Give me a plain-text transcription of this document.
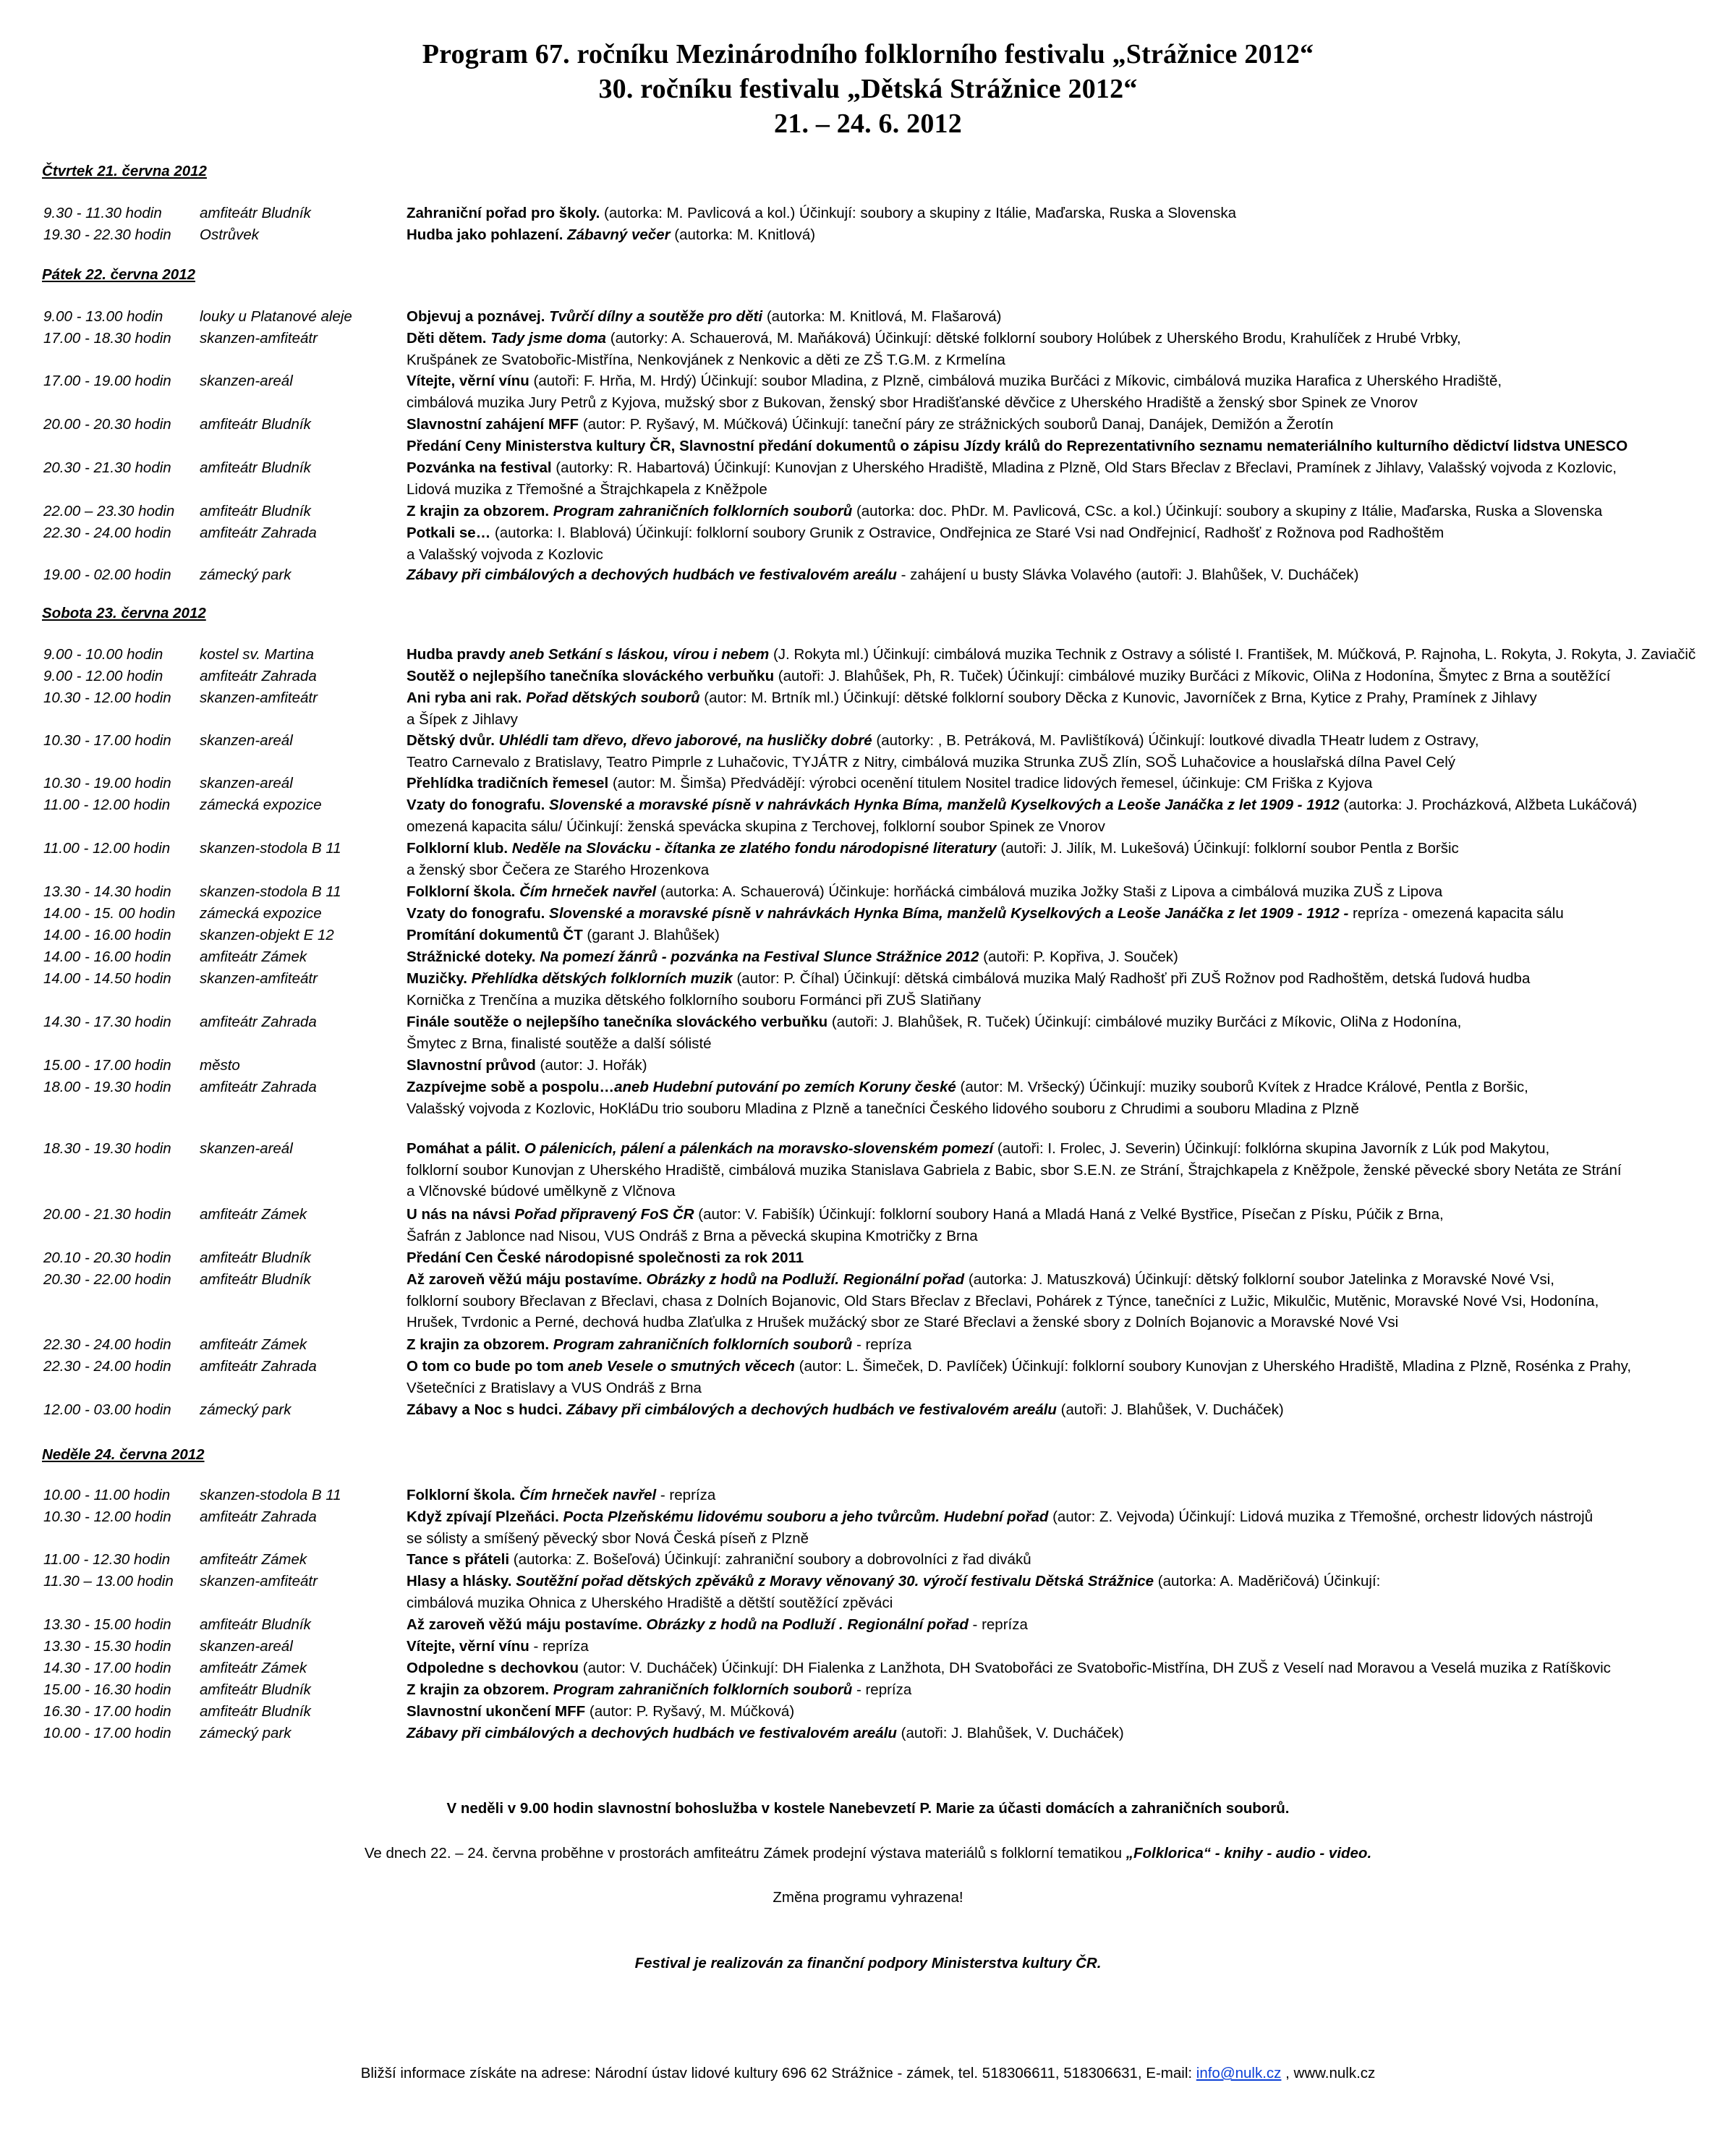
Program 67. ročníku Mezinárodního folklorního festivalu „Strážnice 2012“
30. ročníku festivalu „Dětská Strážnice 2012“
21. – 24. 6. 2012
Čtvrtek 21. června 2012
9.30 - 11.30 hodin	amfiteátr Bludník	Zahraniční pořad pro školy. (autorka: M. Pavlicová a kol.) Účinkují: soubory a skupiny z Itálie, Maďarska, Ruska a Slovenska
19.30 - 22.30 hodin Ostrůvek	Hudba jako pohlazení. Zábavný večer (autorka: M. Knitlová)
Pátek 22. června 2012
9.00 - 13.00 hodin louky u Platanové aleje	Objevuj a poznávej. Tvůrčí dílny a soutěže pro děti (autorka: M. Knitlová, M. Flašarová)
17.00 - 18.30 hodin skanzen-amfiteátr	Děti dětem. Tady jsme doma (autorky: A. Schauerová, M. Maňáková) Účinkují: dětské folklorní soubory Holúbek z Uherského Brodu, Krahulíček z Hrubé Vrbky,
Krušpánek ze Svatobořic-Mistřína, Nenkovjánek z Nenkovic a děti ze ZŠ T.G.M. z Krmelína
17.00 - 19.00 hodin skanzen-areál	Vítejte, věrní vínu (autoři: F. Hrňa, M. Hrdý) Účinkují: soubor Mladina, z Plzně, cimbálová muzika Burčáci z Míkovic, cimbálová muzika Harafica z Uherského Hradiště,
cimbálová muzika Jury Petrů z Kyjova, mužský sbor z Bukovan, ženský sbor Hradišťanské děvčice z Uherského Hradiště a ženský sbor Spinek ze Vnorov
20.00 - 20.30 hodin amfiteátr Bludník	Slavnostní zahájení MFF (autor: P. Ryšavý, M. Múčková) Účinkují: taneční páry ze strážnických souborů Danaj, Danájek, Demižón a Žerotín
Předání Ceny Ministerstva kultury ČR, Slavnostní předání dokumentů o zápisu Jízdy králů do Reprezentativního seznamu nemateriálního kulturního dědictví lidstva UNESCO
20.30 - 21.30 hodin amfiteátr Bludník	Pozvánka na festival (autorky: R. Habartová) Účinkují: Kunovjan z Uherského Hradiště, Mladina z Plzně, Old Stars Břeclav z Břeclavi, Pramínek z Jihlavy, Valašský vojvoda z Kozlovic,
Lidová muzika z Třemošné a Štrajchkapela z Kněžpole
22.00 – 23.30 hodin amfiteátr Bludník	Z krajin za obzorem. Program zahraničních folklorních souborů (autorka: doc. PhDr. M. Pavlicová, CSc. a kol.) Účinkují: soubory a skupiny z Itálie, Maďarska, Ruska a Slovenska
22.30 - 24.00 hodin amfiteátr Zahrada	Potkali se… (autorka: I. Blablová) Účinkují: folklorní soubory Grunik z Ostravice, Ondřejnica ze Staré Vsi nad Ondřejnicí, Radhošť z Rožnova pod Radhoštěm
a Valašský vojvoda z Kozlovic
19.00 - 02.00 hodin zámecký park	Zábavy při cimbálových a dechových hudbách ve festivalovém areálu - zahájení u busty Slávka Volavého (autoři: J. Blahůšek, V. Ducháček)
Sobota 23. června 2012
9.00 - 10.00 hodin kostel sv. Martina	Hudba pravdy aneb Setkání s láskou, vírou i nebem (J. Rokyta ml.) Účinkují: cimbálová muzika Technik z Ostravy a sólisté I. František, M. Múčková, P. Rajnoha, L. Rokyta, J. Rokyta, J. Zaviačič
9.00 - 12.00 hodin amfiteátr Zahrada	Soutěž o nejlepšího tanečníka slováckého verbuňku (autoři: J. Blahůšek, Ph, R. Tuček) Účinkují: cimbálové muziky Burčáci z Míkovic, OliNa z Hodonína, Šmytec z Brna a soutěžící
10.30 - 12.00 hodin skanzen-amfiteátr	Ani ryba ani rak. Pořad dětských souborů (autor: M. Brtník ml.) Účinkují: dětské folklorní soubory Děcka z Kunovic, Javorníček z Brna, Kytice z Prahy, Pramínek z Jihlavy
a Šípek z Jihlavy
10.30 - 17.00 hodin skanzen-areál	Dětský dvůr. Uhlédli tam dřevo, dřevo jaborové, na husličky dobré (autorky: , B. Petráková, M. Pavlištíková) Účinkují: loutkové divadla THeatr ludem z Ostravy,
Teatro Carnevalo z Bratislavy, Teatro Pimprle z Luhačovic, TYJÁTR z Nitry, cimbálová muzika Strunka ZUŠ Zlín, SOŠ Luhačovice a houslařská dílna Pavel Celý
10.30 - 19.00 hodin skanzen-areál	Přehlídka tradičních řemesel (autor: M. Šimša) Předvádějí: výrobci ocenění titulem Nositel tradice lidových řemesel, účinkuje: CM Friška z Kyjova
11.00 - 12.00 hodin zámecká expozice	Vzaty do fonografu. Slovenské a moravské písně v nahrávkách Hynka Bíma, manželů Kyselkových a Leoše Janáčka z let 1909 - 1912 (autorka: J. Procházková, Alžbeta Lukáčová)
omezená kapacita sálu/ Účinkují: ženská spevácka skupina z Terchovej, folklorní soubor Spinek ze Vnorov
11.00 - 12.00 hodin skanzen-stodola B 11	Folklorní klub. Neděle na Slovácku - čítanka ze zlatého fondu národopisné literatury (autoři: J. Jilík, M. Lukešová) Účinkují: folklorní soubor Pentla z Boršic
a ženský sbor Čečera ze Starého Hrozenkova
13.30 - 14.30 hodin skanzen-stodola B 11	Folklorní škola. Čím hrneček navřel (autorka: A. Schauerová) Účinkuje: horňácká cimbálová muzika Jožky Staši z Lipova a cimbálová muzika ZUŠ z Lipova
14.00 - 15. 00 hodin zámecká expozice	Vzaty do fonografu. Slovenské a moravské písně v nahrávkách Hynka Bíma, manželů Kyselkových a Leoše Janáčka z let 1909 - 1912 - repríza - omezená kapacita sálu
14.00 - 16.00 hodin skanzen-objekt E 12	Promítání dokumentů ČT (garant J. Blahůšek)
14.00 - 16.00 hodin amfiteátr Zámek	Strážnické doteky. Na pomezí žánrů - pozvánka na Festival Slunce Strážnice 2012 (autoři: P. Kopřiva, J. Souček)
14.00 - 14.50 hodin skanzen-amfiteátr	Muzičky. Přehlídka dětských folklorních muzik (autor: P. Číhal) Účinkují: dětská cimbálová muzika Malý Radhošť při ZUŠ Rožnov pod Radhoštěm, detská ľudová hudba
Kornička z Trenčína a muzika dětského folklorního souboru Formánci při ZUŠ Slatiňany
14.30 - 17.30 hodin amfiteátr Zahrada	Finále soutěže o nejlepšího tanečníka slováckého verbuňku (autoři: J. Blahůšek, R. Tuček) Účinkují: cimbálové muziky Burčáci z Míkovic, OliNa z Hodonína,
Šmytec z Brna, finalisté soutěže a další sólisté
15.00 - 17.00 hodin město	Slavnostní průvod (autor: J. Hořák)
18.00 - 19.30 hodin amfiteátr Zahrada	Zazpívejme sobě a pospolu…aneb Hudební putování po zemích Koruny české (autor: M. Vršecký) Účinkují: muziky souborů Kvítek z Hradce Králové, Pentla z Boršic,
Valašský vojvoda z Kozlovic, HoKláDu trio souboru Mladina z Plzně a tanečníci Českého lidového souboru z Chrudimi a souboru Mladina z Plzně
18.30 - 19.30 hodin skanzen-areál	Pomáhat a pálit. O pálenicích, pálení a pálenkách na moravsko-slovenském pomezí (autoři: I. Frolec, J. Severin) Účinkují: folklórna skupina Javorník z Lúk pod Makytou,
folklorní soubor Kunovjan z Uherského Hradiště, cimbálová muzika Stanislava Gabriela z Babic, sbor S.E.N. ze Strání, Štrajchkapela z Kněžpole, ženské pěvecké sbory Netáta ze Strání
a Vlčnovské búdové umělkyně z Vlčnova
20.00 - 21.30 hodin amfiteátr Zámek	U nás na návsi Pořad připravený FoS ČR (autor: V. Fabišík) Účinkují: folklorní soubory Haná a Mladá Haná z Velké Bystřice, Písečan z Písku, Púčik z Brna,
Šafrán z Jablonce nad Nisou, VUS Ondráš z Brna a pěvecká skupina Kmotričky z Brna
20.10 - 20.30 hodin amfiteátr Bludník	Předání Cen České národopisné společnosti za rok 2011
20.30 - 22.00 hodin amfiteátr Bludník	Až zaroveň věžú máju postavíme. Obrázky z hodů na Podluží. Regionální pořad (autorka: J. Matuszková) Účinkují: dětský folklorní soubor Jatelinka z Moravské Nové Vsi,
folklorní soubory Břeclavan z Břeclavi, chasa z Dolních Bojanovic, Old Stars Břeclav z Břeclavi, Pohárek z Týnce, tanečníci z Lužic, Mikulčic, Mutěnic, Moravské Nové Vsi, Hodonína,
Hrušek, Tvrdonic a Perné, dechová hudba Zlaťulka z Hrušek mužácký sbor ze Staré Břeclavi a ženské sbory z Dolních Bojanovic a Moravské Nové Vsi
22.30 - 24.00 hodin amfiteátr Zámek	Z krajin za obzorem. Program zahraničních folklorních souborů - repríza
22.30 - 24.00 hodin amfiteátr Zahrada	O tom co bude po tom aneb Vesele o smutných věcech (autor: L. Šimeček, D. Pavlíček) Účinkují: folklorní soubory Kunovjan z Uherského Hradiště, Mladina z Plzně, Rosénka z Prahy,
Všetečníci z Bratislavy a VUS Ondráš z Brna
12.00 - 03.00 hodin zámecký park	Zábavy a Noc s hudci. Zábavy při cimbálových a dechových hudbách ve festivalovém areálu (autoři: J. Blahůšek, V. Ducháček)
Neděle 24. června 2012
10.00 - 11.00 hodin skanzen-stodola B 11	Folklorní škola. Čím hrneček navřel - repríza
10.30 - 12.00 hodin amfiteátr Zahrada	Když zpívají Plzeňáci. Pocta Plzeňskému lidovému souboru a jeho tvůrcům. Hudební pořad (autor: Z. Vejvoda) Účinkují: Lidová muzika z Třemošné, orchestr lidových nástrojů
se sólisty a smíšený pěvecký sbor Nová Česká píseň z Plzně
11.00 - 12.30 hodin amfiteátr Zámek	Tance s přáteli (autorka: Z. Bošeľová) Účinkují: zahraniční soubory a dobrovolníci z řad diváků
11.30 – 13.00 hodin skanzen-amfiteátr	Hlasy a hlásky. Soutěžní pořad dětských zpěváků z Moravy věnovaný 30. výročí festivalu Dětská Strážnice (autorka: A. Maděričová) Účinkují:
cimbálová muzika Ohnica z Uherského Hradiště a dětští soutěžící zpěváci
13.30 - 15.00 hodin amfiteátr Bludník	Až zaroveň věžú máju postavíme. Obrázky z hodů na Podluží . Regionální pořad - repríza
13.30 - 15.30 hodin skanzen-areál	Vítejte, věrní vínu - repríza
14.30 - 17.00 hodin amfiteátr Zámek	Odpoledne s dechovkou (autor: V. Ducháček) Účinkují: DH Fialenka z Lanžhota, DH Svatobořáci ze Svatobořic-Mistřína, DH ZUŠ z Veselí nad Moravou a Veselá muzika z Ratíškovic
15.00 - 16.30 hodin amfiteátr Bludník	Z krajin za obzorem. Program zahraničních folklorních souborů - repríza
16.30 - 17.00 hodin amfiteátr Bludník	Slavnostní ukončení MFF (autor: P. Ryšavý, M. Múčková)
10.00 - 17.00 hodin zámecký park	Zábavy při cimbálových a dechových hudbách ve festivalovém areálu (autoři: J. Blahůšek, V. Ducháček)
V neděli v 9.00 hodin slavnostní bohoslužba v kostele Nanebevzetí P. Marie za účasti domácích a zahraničních souborů.
Ve dnech 22. – 24. června proběhne v prostorách amfiteátru Zámek prodejní výstava materiálů s folklorní tematikou „Folklorica“ - knihy - audio - video.
Změna programu vyhrazena!
Festival je realizován za finanční podpory Ministerstva kultury ČR.
Bližší informace získáte na adrese: Národní ústav lidové kultury 696 62 Strážnice - zámek, tel. 518306611, 518306631, E-mail: info@nulk.cz , www.nulk.cz
